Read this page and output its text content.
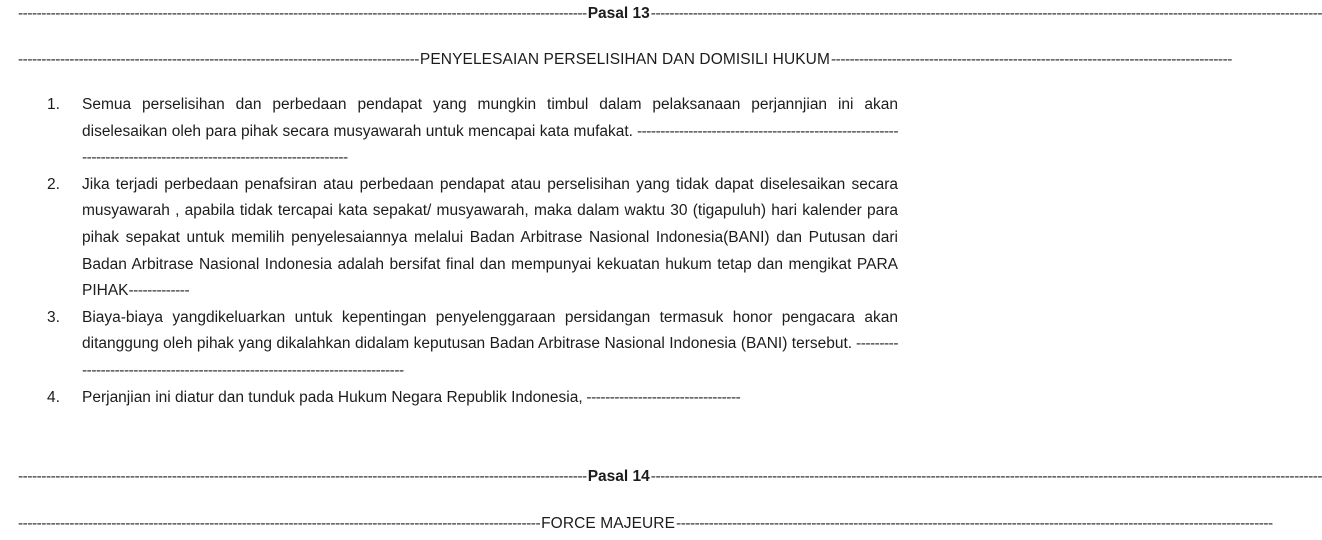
-------------------------------------------------------------------------------------------------------------------------- Pasal 13 ------------------------------------------------------------------------------------------------------------------------------------------------
-------------------------------------------------------------------------------------- PENYELESAIAN PERSELISIHAN DAN DOMISILI HUKUM --------------------------------------------------------------------------------------
1. Semua perselisihan dan perbedaan pendapat yang mungkin timbul dalam pelaksanaan perjannjian ini akan diselesaikan oleh para pihak secara musyawarah untuk mencapai kata mufakat. -----------------------------------------------------------------------------------------------------------------
2. Jika terjadi perbedaan penafsiran atau perbedaan pendapat atau perselisihan yang tidak dapat diselesaikan secara musyawarah , apabila tidak tercapai kata sepakat/ musyawarah, maka dalam waktu 30 (tigapuluh) hari kalender para pihak sepakat untuk memilih penyelesaiannya melalui Badan Arbitrase Nasional Indonesia(BANI) dan Putusan dari Badan Arbitrase Nasional Indonesia adalah bersifat final dan mempunyai kekuatan hukum tetap dan mengikat PARA PIHAK-------------
3. Biaya-biaya yangdikeluarkan untuk kepentingan penyelenggaraan persidangan termasuk honor pengacara akan ditanggung oleh pihak yang dikalahkan didalam keputusan Badan Arbitrase Nasional Indonesia (BANI) tersebut. ------------------------------------------------------------------------------
4. Perjanjian ini diatur dan tunduk pada Hukum Negara Republik Indonesia, ---------------------------------
-------------------------------------------------------------------------------------------------------------------------- Pasal 14 ------------------------------------------------------------------------------------------------------------------------------------------------
---------------------------------------------------------------------------------------------------------------- FORCE MAJEURE --------------------------------------------------------------------------------------------------------------------------------
